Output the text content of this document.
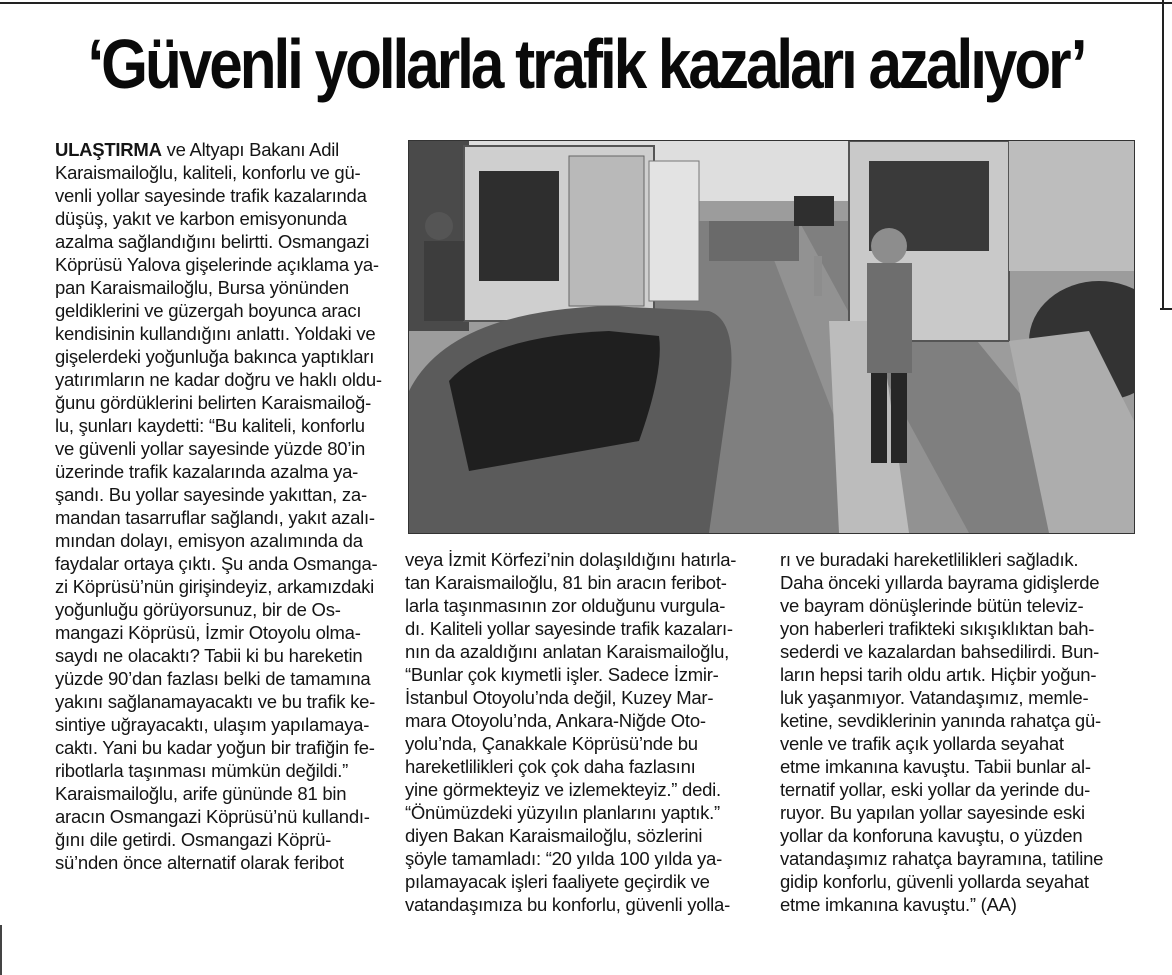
‘Güvenli yollarla trafik kazaları azalıyor’
ULAŞTIRMA ve Altyapı Bakanı Adil
Karaismailoğlu, kaliteli, konforlu ve gü-
venli yollar sayesinde trafik kazalarında
düşüş, yakıt ve karbon emisyonunda
azalma sağlandığını belirtti. Osmangazi
Köprüsü Yalova gişelerinde açıklama ya-
pan Karaismailoğlu, Bursa yönünden
geldiklerini ve güzergah boyunca aracı
kendisinin kullandığını anlattı. Yoldaki ve
gişelerdeki yoğunluğa bakınca yaptıkları
yatırımların ne kadar doğru ve haklı oldu-
ğunu gördüklerini belirten Karaismailoğ-
lu, şunları kaydetti: “Bu kaliteli, konforlu
ve güvenli yollar sayesinde yüzde 80’in
üzerinde trafik kazalarında azalma ya-
şandı. Bu yollar sayesinde yakıttan, za-
mandan tasarruflar sağlandı, yakıt azalı-
mından dolayı, emisyon azalımında da
faydalar ortaya çıktı. Şu anda Osmanga-
zi Köprüsü’nün girişindeyiz, arkamızdaki
yoğunluğu görüyorsunuz, bir de Os-
mangazi Köprüsü, İzmir Otoyolu olma-
saydı ne olacaktı? Tabii ki bu hareketin
yüzde 90’dan fazlası belki de tamamına
yakını sağlanamayacaktı ve bu trafik ke-
sintiye uğrayacaktı, ulaşım yapılamaya-
caktı. Yani bu kadar yoğun bir trafiğin fe-
ribotlarla taşınması mümkün değildi.”
Karaismailoğlu, arife gününde 81 bin
aracın Osmangazi Köprüsü’nü kullandı-
ğını dile getirdi. Osmangazi Köprü-
sü’nden önce alternatif olarak feribot
veya İzmit Körfezi’nin dolaşıldığını hatırla-
tan Karaismailoğlu, 81 bin aracın feribot-
larla taşınmasının zor olduğunu vurgula-
dı. Kaliteli yollar sayesinde trafik kazaları-
nın da azaldığını anlatan Karaismailoğlu,
“Bunlar çok kıymetli işler. Sadece İzmir-
İstanbul Otoyolu’nda değil, Kuzey Mar-
mara Otoyolu’nda, Ankara-Niğde Oto-
yolu’nda, Çanakkale Köprüsü’nde bu
hareketlilikleri çok çok daha fazlasını
yine görmekteyiz ve izlemekteyiz.” dedi.
“Önümüzdeki yüzyılın planlarını yaptık.”
diyen Bakan Karaismailoğlu, sözlerini
şöyle tamamladı: “20 yılda 100 yılda ya-
pılamayacak işleri faaliyete geçirdik ve
vatandaşımıza bu konforlu, güvenli yolla-
rı ve buradaki hareketlilikleri sağladık.
Daha önceki yıllarda bayrama gidişlerde
ve bayram dönüşlerinde bütün televiz-
yon haberleri trafikteki sıkışıklıktan bah-
sederdi ve kazalardan bahsedilirdi. Bun-
ların hepsi tarih oldu artık. Hiçbir yoğun-
luk yaşanmıyor. Vatandaşımız, memle-
ketine, sevdiklerinin yanında rahatça gü-
venle ve trafik açık yollarda seyahat
etme imkanına kavuştu. Tabii bunlar al-
ternatif yollar, eski yollar da yerinde du-
ruyor. Bu yapılan yollar sayesinde eski
yollar da konforuna kavuştu, o yüzden
vatandaşımız rahatça bayramına, tatiline
gidip konforlu, güvenli yollarda seyahat
etme imkanına kavuştu.” (AA)
